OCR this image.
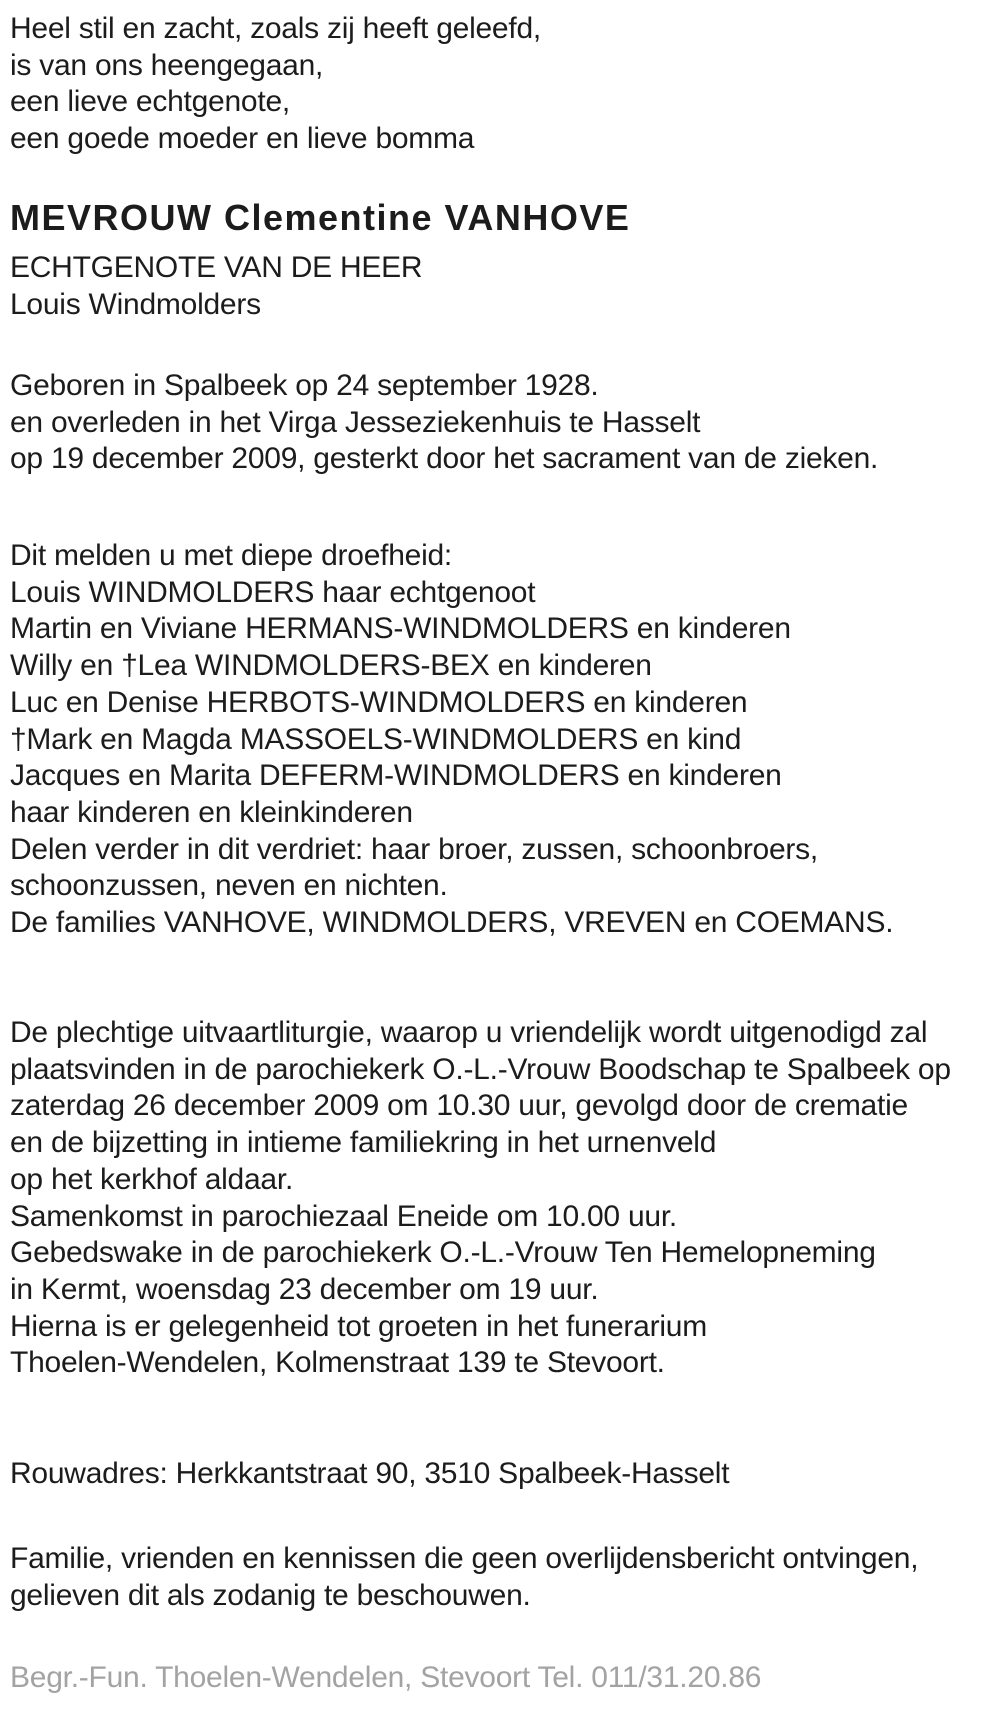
Heel stil en zacht, zoals zij heeft geleefd,
is van ons heengegaan,
een lieve echtgenote,
een goede moeder en lieve bomma
MEVROUW Clementine VANHOVE
ECHTGENOTE VAN DE HEER
Louis Windmolders
Geboren in Spalbeek op 24 september 1928.
en overleden in het Virga Jesseziekenhuis te Hasselt
op 19 december 2009, gesterkt door het sacrament van de zieken.
Dit melden u met diepe droefheid:
Louis WINDMOLDERS haar echtgenoot
Martin en Viviane HERMANS-WINDMOLDERS en kinderen
Willy en †Lea WINDMOLDERS-BEX en kinderen
Luc en Denise HERBOTS-WINDMOLDERS en kinderen
†Mark en Magda MASSOELS-WINDMOLDERS en kind
Jacques en Marita DEFERM-WINDMOLDERS en kinderen
haar kinderen en kleinkinderen
Delen verder in dit verdriet: haar broer, zussen, schoonbroers,
schoonzussen, neven en nichten.
De families VANHOVE, WINDMOLDERS, VREVEN en COEMANS.
De plechtige uitvaartliturgie, waarop u vriendelijk wordt uitgenodigd zal
plaatsvinden in de parochiekerk O.-L.-Vrouw Boodschap te Spalbeek op
zaterdag 26 december 2009 om 10.30 uur, gevolgd door de crematie
en de bijzetting in intieme familiekring in het urnenveld
op het kerkhof aldaar.
Samenkomst in parochiezaal Eneide om 10.00 uur.
Gebedswake in de parochiekerk O.-L.-Vrouw Ten Hemelopneming
in Kermt, woensdag 23 december om 19 uur.
Hierna is er gelegenheid tot groeten in het funerarium
Thoelen-Wendelen, Kolmenstraat 139 te Stevoort.
Rouwadres: Herkkantstraat 90, 3510 Spalbeek-Hasselt
Familie, vrienden en kennissen die geen overlijdensbericht ontvingen,
gelieven dit als zodanig te beschouwen.
Begr.-Fun. Thoelen-Wendelen, Stevoort Tel. 011/31.20.86
